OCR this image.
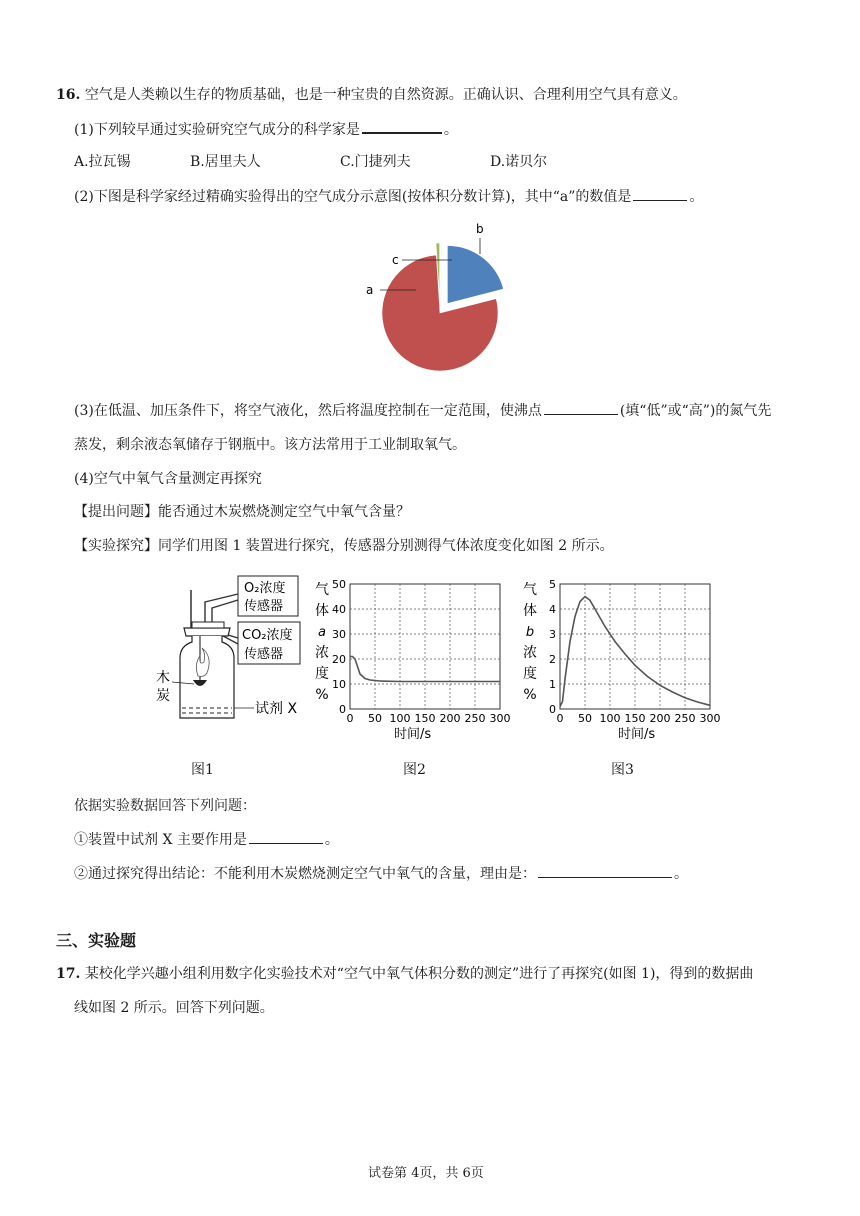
16. 空气是人类赖以生存的物质基础，也是一种宝贵的自然资源。正确认识、合理利用空气具有意义。
(1)下列较早通过实验研究空气成分的科学家是	。
A.拉瓦锡	B.居里夫人	C.门捷列夫	D.诺贝尔
(2)下图是科学家经过精确实验得出的空气成分示意图(按体积分数计算)，其中“a”的数值是	。
a
c
b
(3)在低温、加压条件下，将空气液化，然后将温度控制在一定范围，使沸点	(填“低”或“高”)的氮气先
蒸发，剩余液态氧储存于钢瓶中。该方法常用于工业制取氧气。
(4)空气中氧气含量测定再探究
【提出问题】能否通过木炭燃烧测定空气中氧气含量？
【实验探究】同学们用图 1 装置进行探究，传感器分别测得气体浓度变化如图 2 所示。
O₂浓度
传感器
CO₂浓度
传感器
试剂 X
木
炭
气
体
a
浓
度
%
0 50 100 150 200 250 300
0
10
20
30
40
50
时间/s
气
体
b
浓
度
%
0 50 100 150 200 250 300
0
1
2
3
4
5
时间/s
图1	图2	图3
依据实验数据回答下列问题：
①装置中试剂 X 主要作用是	。
②通过探究得出结论：不能利用木炭燃烧测定空气中氧气的含量，理由是：	。
三、实验题
17. 某校化学兴趣小组利用数字化实验技术对“空气中氧气体积分数的测定”进行了再探究(如图 1)，得到的数据曲
线如图 2 所示。回答下列问题。
试卷第 4页，共 6页
